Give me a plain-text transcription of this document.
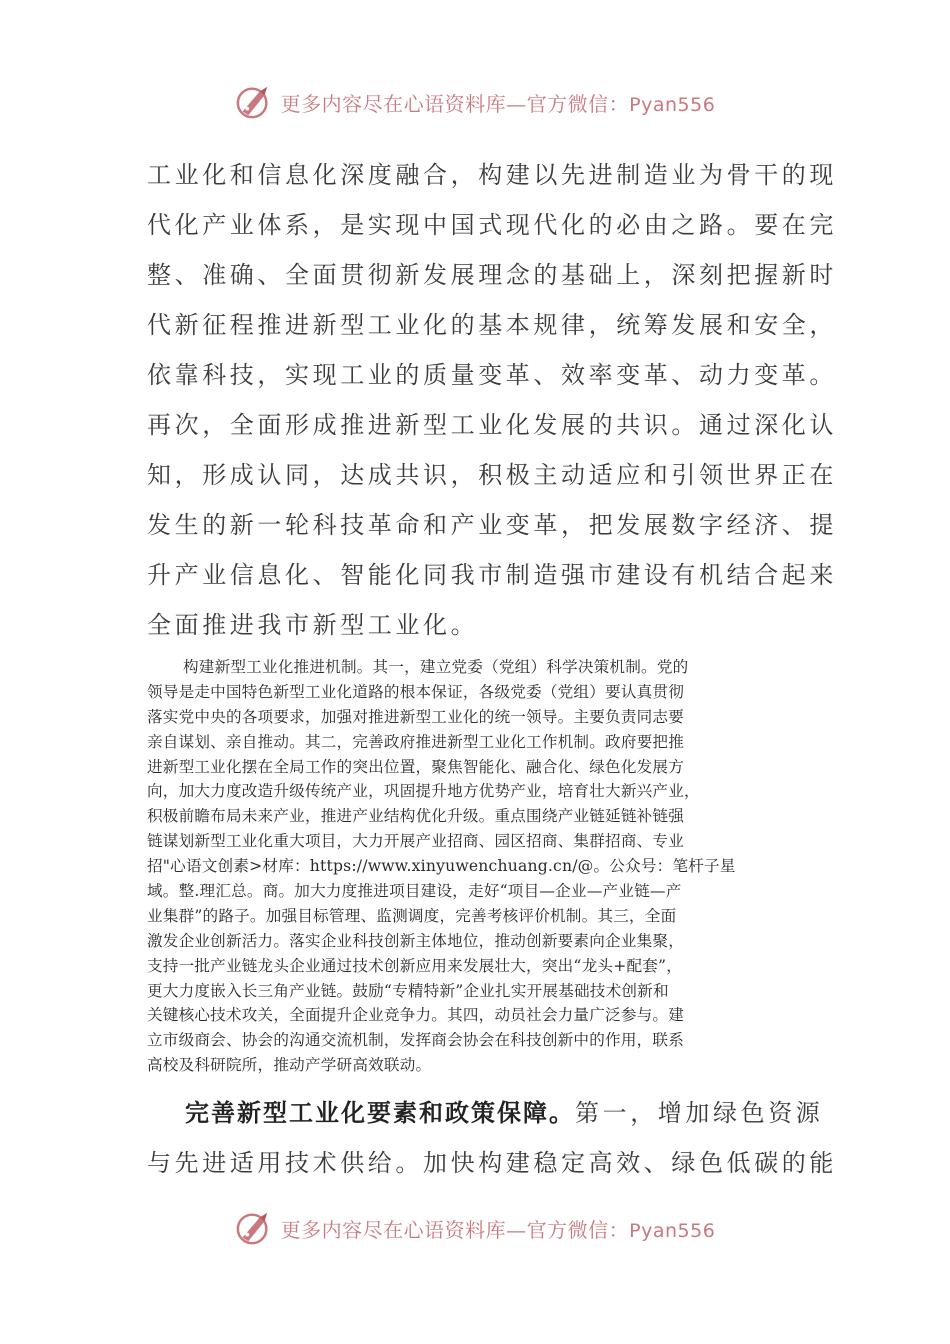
更多内容尽在心语资料库—官方微信：Pyan556
工业化和信息化深度融合，构建以先进制造业为骨干的现
代化产业体系，是实现中国式现代化的必由之路。要在完
整、准确、全面贯彻新发展理念的基础上，深刻把握新时
代新征程推进新型工业化的基本规律，统筹发展和安全，
依靠科技，实现工业的质量变革、效率变革、动力变革。
再次，全面形成推进新型工业化发展的共识。通过深化认
知，形成认同，达成共识，积极主动适应和引领世界正在
发生的新一轮科技革命和产业变革，把发展数字经济、提
升产业信息化、智能化同我市制造强市建设有机结合起来
全面推进我市新型工业化。
构建新型工业化推进机制。其一，建立党委（党组）科学决策机制。党的
领导是走中国特色新型工业化道路的根本保证，各级党委（党组）要认真贯彻
落实党中央的各项要求，加强对推进新型工业化的统一领导。主要负责同志要
亲自谋划、亲自推动。其二，完善政府推进新型工业化工作机制。政府要把推
进新型工业化摆在全局工作的突出位置，聚焦智能化、融合化、绿色化发展方
向，加大力度改造升级传统产业，巩固提升地方优势产业，培育壮大新兴产业，
积极前瞻布局未来产业，推进产业结构优化升级。重点围绕产业链延链补链强
链谋划新型工业化重大项目，大力开展产业招商、园区招商、集群招商、专业
招"心语文创素>材库：https://www.xinyuwenchuang.cn/@。公众号：笔杆子星
域。整.理汇总。商。加大力度推进项目建设，走好“项目—企业—产业链—产
业集群”的路子。加强目标管理、监测调度，完善考核评价机制。其三，全面
激发企业创新活力。落实企业科技创新主体地位，推动创新要素向企业集聚，
支持一批产业链龙头企业通过技术创新应用来发展壮大，突出“龙头+配套”，
更大力度嵌入长三角产业链。鼓励“专精特新”企业扎实开展基础技术创新和
关键核心技术攻关，全面提升企业竞争力。其四，动员社会力量广泛参与。建
立市级商会、协会的沟通交流机制，发挥商会协会在科技创新中的作用，联系
高校及科研院所，推动产学研高效联动。
完善新型工业化要素和政策保障。第一，增加绿色资源
与先进适用技术供给。加快构建稳定高效、绿色低碳的能
更多内容尽在心语资料库—官方微信：Pyan556
